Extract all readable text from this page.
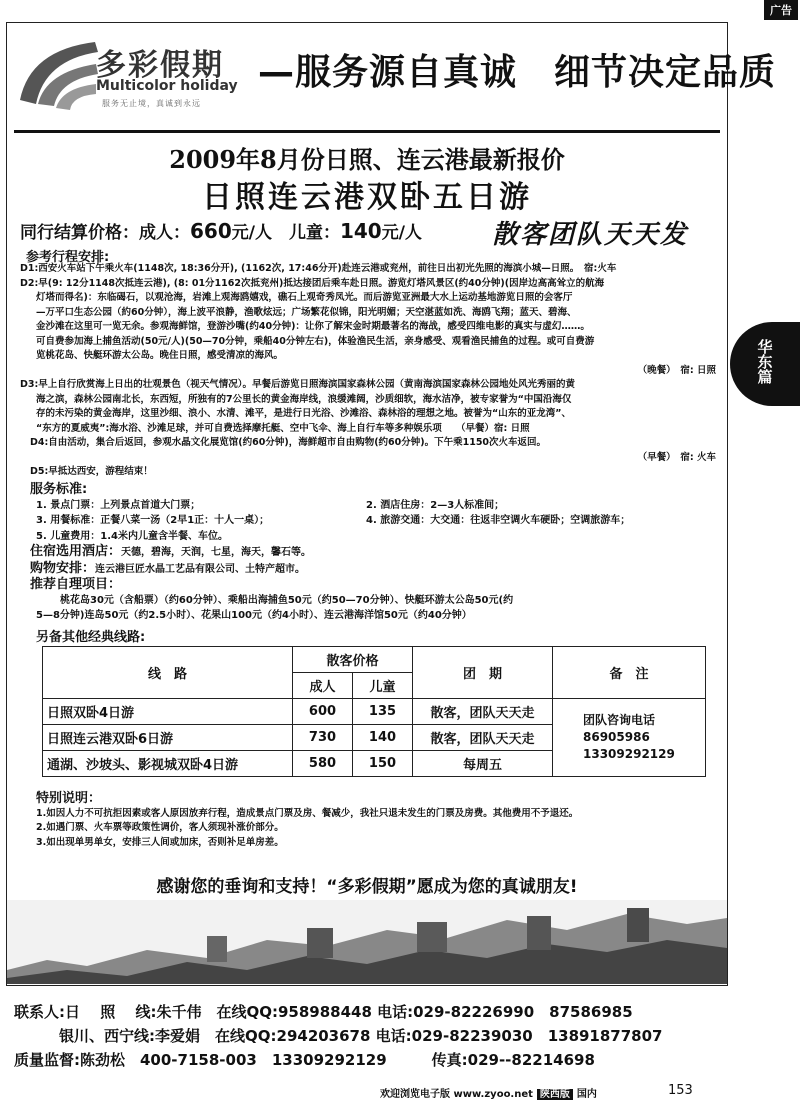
广告
多彩假期
Multicolor holiday
服务无止境，真诚到永远
—服务源自真诚　细节决定品质
华
东
篇
2009年8月份日照、连云港最新报价
日照连云港双卧五日游
同行结算价格：成人：660元/人　儿童：140元/人	散客团队天天发
参考行程安排:
D1:西安火车站下午乘火车(1148次, 18:36分开), (1162次, 17:46分开)赴连云港或兖州，前往日出初光先照的海滨小城—日照。　宿:火车
D2:早(9: 12分1148次抵连云港), (8: 01分1162次抵兖州)抵达接团后乘车赴日照。游览灯塔风景区(约40分钟)(因岸边高高耸立的航海
灯塔而得名)：东临碣石，以观沧海，岩滩上观海鸥嬉戏，礁石上观奇秀凤光。而后游览亚洲最大水上运动基地游览日照的会客厅
—万平口生态公园（約60分钟），海上波平浪静，渔歌炫远；广场繁花似锦，阳光明媚；天空湛蓝如洗、海鸥飞翔；蓝天、碧海、
金沙滩在这里可一览无余。参观海鲜馆，登游沙嘴(约40分钟)：让你了解宋金时期最著名的海战，感受四维电影的真实与虚幻……。
可自费参加海上捕鱼活动(50元/人)(50—70分钟，乘船40分钟左右)，体验渔民生活，亲身感受、观看渔民捕鱼的过程。或可自费游
览桃花岛、快艇环游太公岛。晚住日照，感受清凉的海风。
（晚餐）　宿: 日照
D3:早上自行欣赏海上日出的壮观景色（视天气情况）。早餐后游览日照海滨国家森林公园（黄南海滨国家森林公园地处风光秀丽的黄
海之滨，森林公园南北长，东西短，所独有的7公里长的黄金海岸线，浪缓滩阔，沙质细软，海水洁净，被专家誉为“中国沿海仅
存的未污染的黄金海岸，这里沙细、浪小、水清、滩平，是进行日光浴、沙滩浴、森林浴的理想之地。被誉为“山东的亚龙湾”、
“东方的夏威夷”:海水浴、沙滩足球，并可自费选择摩托艇、空中飞伞、海上自行车等多种娱乐项　　（早餐）宿: 日照
D4:自由活动，集合后返回，参观水晶文化展览馆(约60分钟)，海鲜超市自由购物(约60分钟)。下午乘1150次火车返回。
（早餐）　宿: 火车
D5:早抵达西安，游程结束！
服务标准:
1. 景点门票：上列景点首道大门票；	2. 酒店住房：2—3人标准间；
3. 用餐标准：正餐八菜一汤（2早1正：十人一桌）；	4. 旅游交通：大交通：往返非空调火车硬卧；空调旅游车；
5. 儿童费用：1.4米内儿童含半餐、车位。
住宿选用酒店：天德，碧海，天润，七星，海天，馨石等。
购物安排：连云港巨匠水晶工艺品有限公司、土特产超市。
推荐自理项目：
桃花岛30元（含船票）（约60分钟）、乘船出海捕鱼50元（约50—70分钟）、快艇环游太公岛50元(约
5—8分钟)连岛50元（约2.5小时）、花果山100元（约4小时）、连云港海洋馆50元（约40分钟）
另备其他经典线路:
线　路	散客价格		团　期	备　注
	成人	儿童		
日照双卧4日游	600	135	散客，团队天天走	团队咨询电话
86905986
13309292129

日照连云港双卧6日游	730	140	散客，团队天天走	
通湖、沙坡头、影视城双卧4日游	580	150	每周五	
特别说明：
1.如因人力不可抗拒因素或客人原因放弃行程，造成景点门票及房、餐减少，我社只退未发生的门票及房费。其他费用不予退还。
2.如遇门票、火车票等政策性调价，客人须现补涨价部分。
3.如出现单男单女，安排三人间或加床，否则补足单房差。
感谢您的垂询和支持！“多彩假期”愿成为您的真诚朋友!
联系人:日　 照　 线:朱千伟　在线QQ:958988448 电话:029-82226990　87586985
　　　银川、西宁线:李爱娟　在线QQ:294203678 电话:029-82239030　13891877807
质量监督:陈劲松　400-7158-003　13309292129　　　传真:029--82214698
欢迎浏览电子版 www.zyoo.net 陕西版 国内	153
